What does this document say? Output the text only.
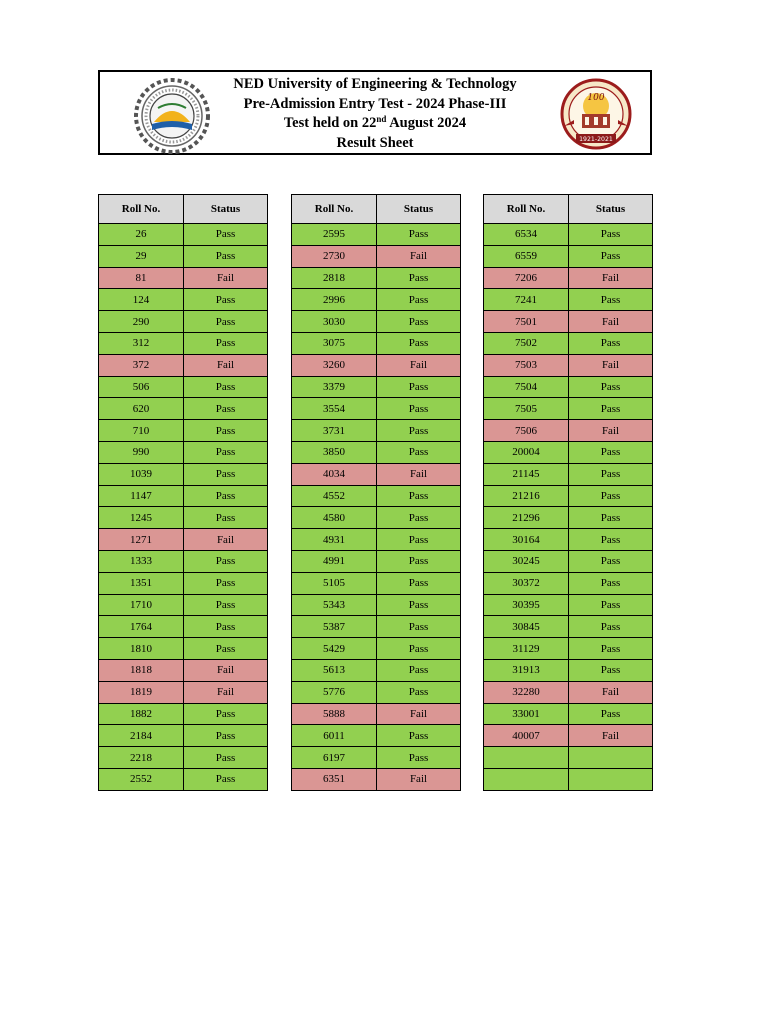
NED University of Engineering & Technology
Pre-Admission Entry Test - 2024 Phase-III
Test held on 22nd August 2024
Result Sheet
100
1921-2021
Roll No.	Status
26	Pass
29	Pass
81	Fail
124	Pass
290	Pass
312	Pass
372	Fail
506	Pass
620	Pass
710	Pass
990	Pass
1039	Pass
1147	Pass
1245	Pass
1271	Fail
1333	Pass
1351	Pass
1710	Pass
1764	Pass
1810	Pass
1818	Fail
1819	Fail
1882	Pass
2184	Pass
2218	Pass
2552	Pass
Roll No.	Status
2595	Pass
2730	Fail
2818	Pass
2996	Pass
3030	Pass
3075	Pass
3260	Fail
3379	Pass
3554	Pass
3731	Pass
3850	Pass
4034	Fail
4552	Pass
4580	Pass
4931	Pass
4991	Pass
5105	Pass
5343	Pass
5387	Pass
5429	Pass
5613	Pass
5776	Pass
5888	Fail
6011	Pass
6197	Pass
6351	Fail
Roll No.	Status
6534	Pass
6559	Pass
7206	Fail
7241	Pass
7501	Fail
7502	Pass
7503	Fail
7504	Pass
7505	Pass
7506	Fail
20004	Pass
21145	Pass
21216	Pass
21296	Pass
30164	Pass
30245	Pass
30372	Pass
30395	Pass
30845	Pass
31129	Pass
31913	Pass
32280	Fail
33001	Pass
40007	Fail
